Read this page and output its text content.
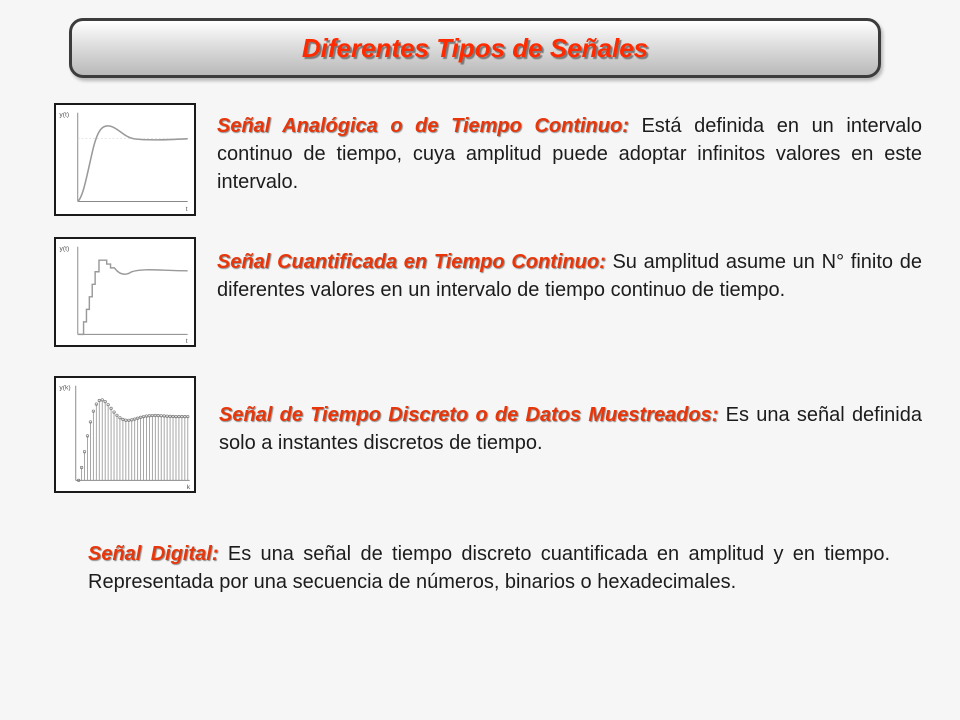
Diferentes Tipos de Señales
y(t)
t
y(t)
t
y(k)
k

Señal Analógica o de Tiempo Continuo: Está definida en un intervalo continuo de tiempo, cuya amplitud puede adoptar infinitos valores en este intervalo.

Señal Cuantificada en Tiempo Continuo: Su amplitud asume un N° finito de diferentes valores en un intervalo de tiempo continuo de tiempo.

Señal de Tiempo Discreto o de Datos Muestreados: Es una señal definida solo a instantes discretos de tiempo.

Señal Digital: Es una señal de tiempo discreto cuantificada en amplitud y en tiempo. Representada por una secuencia de números, binarios o hexadecimales.
